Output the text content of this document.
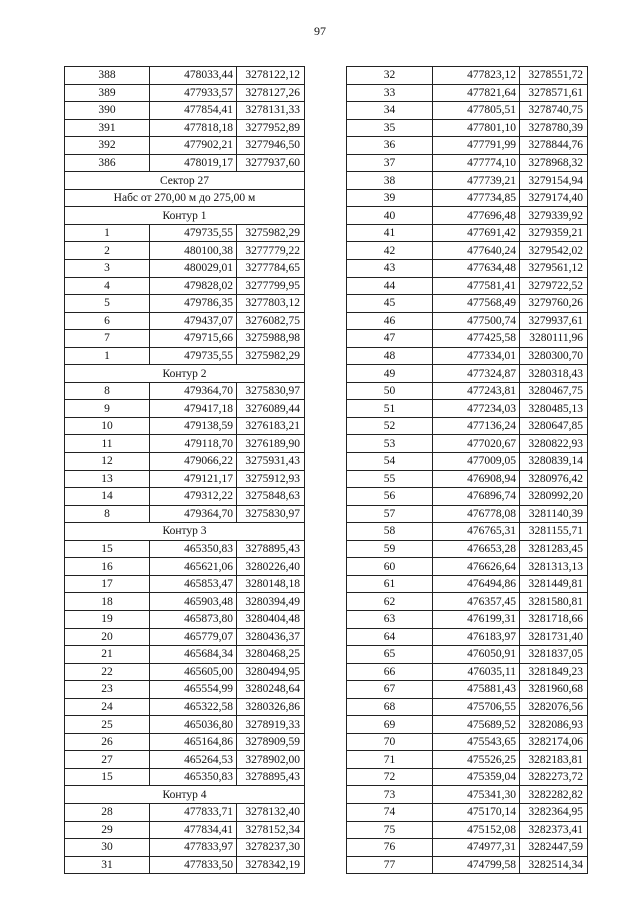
97
388	478033,44	3278122,12
389	477933,57	3278127,26
390	477854,41	3278131,33
391	477818,18	3277952,89
392	477902,21	3277946,50
386	478019,17	3277937,60
Сектор 27		
Набс от 270,00 м до 275,00 м		
Контур 1		
1	479735,55	3275982,29
2	480100,38	3277779,22
3	480029,01	3277784,65
4	479828,02	3277799,95
5	479786,35	3277803,12
6	479437,07	3276082,75
7	479715,66	3275988,98
1	479735,55	3275982,29
Контур 2		
8	479364,70	3275830,97
9	479417,18	3276089,44
10	479138,59	3276183,21
11	479118,70	3276189,90
12	479066,22	3275931,43
13	479121,17	3275912,93
14	479312,22	3275848,63
8	479364,70	3275830,97
Контур 3		
15	465350,83	3278895,43
16	465621,06	3280226,40
17	465853,47	3280148,18
18	465903,48	3280394,49
19	465873,80	3280404,48
20	465779,07	3280436,37
21	465684,34	3280468,25
22	465605,00	3280494,95
23	465554,99	3280248,64
24	465322,58	3280326,86
25	465036,80	3278919,33
26	465164,86	3278909,59
27	465264,53	3278902,00
15	465350,83	3278895,43
Контур 4		
28	477833,71	3278132,40
29	477834,41	3278152,34
30	477833,97	3278237,30
31	477833,50	3278342,19
32	477823,12	3278551,72
33	477821,64	3278571,61
34	477805,51	3278740,75
35	477801,10	3278780,39
36	477791,99	3278844,76
37	477774,10	3278968,32
38	477739,21	3279154,94
39	477734,85	3279174,40
40	477696,48	3279339,92
41	477691,42	3279359,21
42	477640,24	3279542,02
43	477634,48	3279561,12
44	477581,41	3279722,52
45	477568,49	3279760,26
46	477500,74	3279937,61
47	477425,58	3280111,96
48	477334,01	3280300,70
49	477324,87	3280318,43
50	477243,81	3280467,75
51	477234,03	3280485,13
52	477136,24	3280647,85
53	477020,67	3280822,93
54	477009,05	3280839,14
55	476908,94	3280976,42
56	476896,74	3280992,20
57	476778,08	3281140,39
58	476765,31	3281155,71
59	476653,28	3281283,45
60	476626,64	3281313,13
61	476494,86	3281449,81
62	476357,45	3281580,81
63	476199,31	3281718,66
64	476183,97	3281731,40
65	476050,91	3281837,05
66	476035,11	3281849,23
67	475881,43	3281960,68
68	475706,55	3282076,56
69	475689,52	3282086,93
70	475543,65	3282174,06
71	475526,25	3282183,81
72	475359,04	3282273,72
73	475341,30	3282282,82
74	475170,14	3282364,95
75	475152,08	3282373,41
76	474977,31	3282447,59
77	474799,58	3282514,34
